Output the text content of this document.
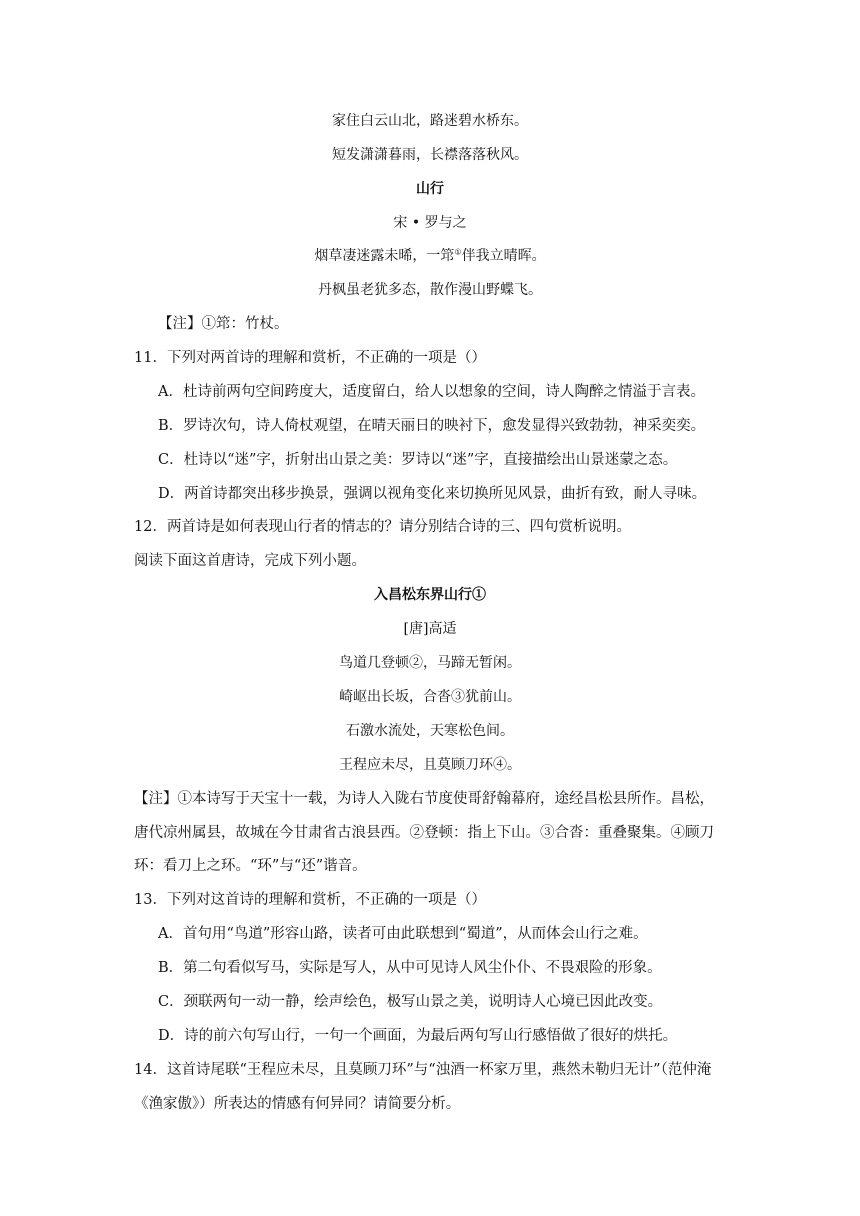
家住白云山北，路迷碧水桥东。
短发潇潇暮雨，长襟落落秋风。
山行
宋 • 罗与之
烟草凄迷露未晞，一筇①伴我立晴晖。
丹枫虽老犹多态，散作漫山野蝶飞。
【注】①筇：竹杖。
11．下列对两首诗的理解和赏析，不正确的一项是（）
A．杜诗前两句空间跨度大，适度留白，给人以想象的空间，诗人陶醉之情溢于言表。
B．罗诗次句，诗人倚杖观望，在晴天丽日的映衬下，愈发显得兴致勃勃，神采奕奕。
C．杜诗以“迷”字，折射出山景之美：罗诗以“迷”字，直接描绘出山景迷蒙之态。
D．两首诗都突出移步换景，强调以视角变化来切换所见风景，曲折有致，耐人寻味。
12．两首诗是如何表现山行者的情志的？请分别结合诗的三、四句赏析说明。
阅读下面这首唐诗，完成下列小题。
入昌松东界山行①
[唐]高适
鸟道几登顿②，马蹄无暂闲。
崎岖出长坂，合沓③犹前山。
石激水流处，天寒松色间。
王程应未尽，且莫顾刀环④。
【注】①本诗写于天宝十一载，为诗人入陇右节度使哥舒翰幕府，途经昌松县所作。昌松，
唐代凉州属县，故城在今甘肃省古浪县西。②登顿：指上下山。③合沓：重叠聚集。④顾刀
环：看刀上之环。“环”与“还”谐音。
13．下列对这首诗的理解和赏析，不正确的一项是（）
A．首句用“鸟道”形容山路，读者可由此联想到“蜀道”，从而体会山行之难。
B．第二句看似写马，实际是写人，从中可见诗人风尘仆仆、不畏艰险的形象。
C．颈联两句一动一静，绘声绘色，极写山景之美，说明诗人心境已因此改变。
D．诗的前六句写山行，一句一个画面，为最后两句写山行感悟做了很好的烘托。
14．这首诗尾联“王程应未尽，且莫顾刀环”与“浊酒一杯家万里，燕然未勒归无计”（范仲淹
《渔家傲》）所表达的情感有何异同？请简要分析。
